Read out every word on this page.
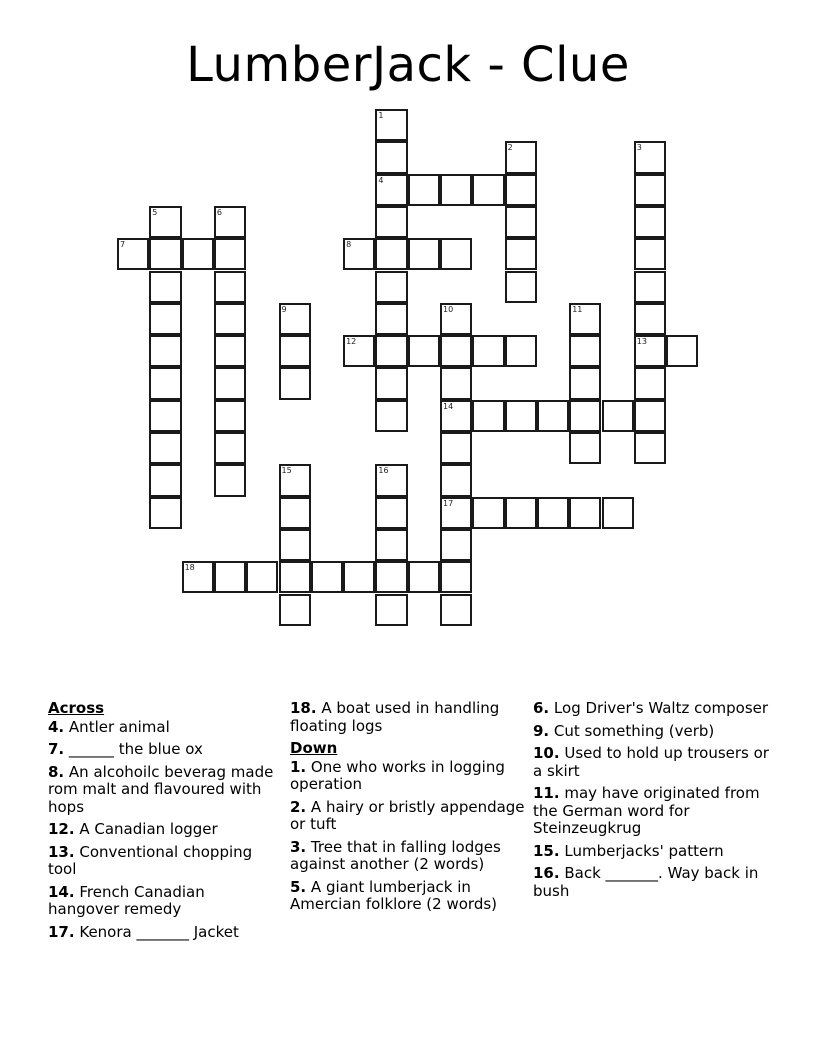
LumberJack - Clue
1
4
2	3
13
5	6
7	8
9	10
14
17
11
12
15	16
18
Across
4. Antler animal
7. ______ the blue ox
8. An alcohoilc beverag made rom malt and flavoured with hops
12. A Canadian logger
13. Conventional chopping tool
14. French Canadian hangover remedy
17. Kenora _______ Jacket
18. A boat used in handling floating logs
Down
1. One who works in logging operation
2. A hairy or bristly appendage or tuft
3. Tree that in falling lodges against another (2 words)
5. A giant lumberjack in Amercian folklore (2 words)
6. Log Driver's Waltz composer
9. Cut something (verb)
10. Used to hold up trousers or a skirt
11. may have originated from the German word for Steinzeugkrug
15. Lumberjacks' pattern
16. Back _______. Way back in bush
